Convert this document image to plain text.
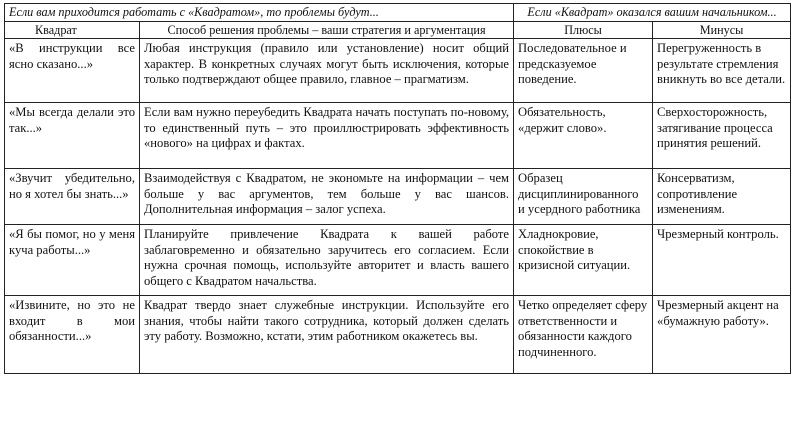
Если вам приходится работать с «Квадратом», то проблемы будут...		Если «Квадрат» оказался вашим начальником...	
Квадрат	Способ решения проблемы – ваши стратегия и аргументация	Плюсы	Минусы
«В инструкции все ясно сказано...»	Любая инструкция (правило или установление) носит общий характер. В конкретных случаях могут быть исключения, которые только подтверждают общее правило, главное – прагматизм.	Последовательное и предсказуемое поведение.	Перегруженность в результате стремления вникнуть во все детали.
«Мы всегда делали это так...»	Если вам нужно переубедить Квадрата начать поступать по-новому, то единственный путь – это проиллюстрировать эффективность «нового» на цифрах и фактах.	Обязательность, «держит слово».	Сверхосторожность, затягивание процесса принятия решений.
«Звучит убедительно, но я хотел бы знать...»	Взаимодействуя с Квадратом, не экономьте на информации – чем больше у вас аргументов, тем больше у вас шансов. Дополнительная информация – залог успеха.	Образец дисциплинированного и усердного работника	Консерватизм, сопротивление изменениям.
«Я бы помог, но у меня куча работы...»	Планируйте привлечение Квадрата к вашей работе заблаговременно и обязательно заручитесь его согласием. Если нужна срочная помощь, используйте авторитет и власть вашего общего с Квадратом начальства.	Хладнокровие, спокойствие в кризисной ситуации.	Чрезмерный контроль.
«Извините, но это не входит в мои обязанности...»	Квадрат твердо знает служебные инструкции. Используйте его знания, чтобы найти такого сотрудника, который должен сделать эту работу. Возможно, кстати, этим работником окажетесь вы.	Четко определяет сферу ответственности и обязанности каждого подчиненного.	Чрезмерный акцент на «бумажную работу».
